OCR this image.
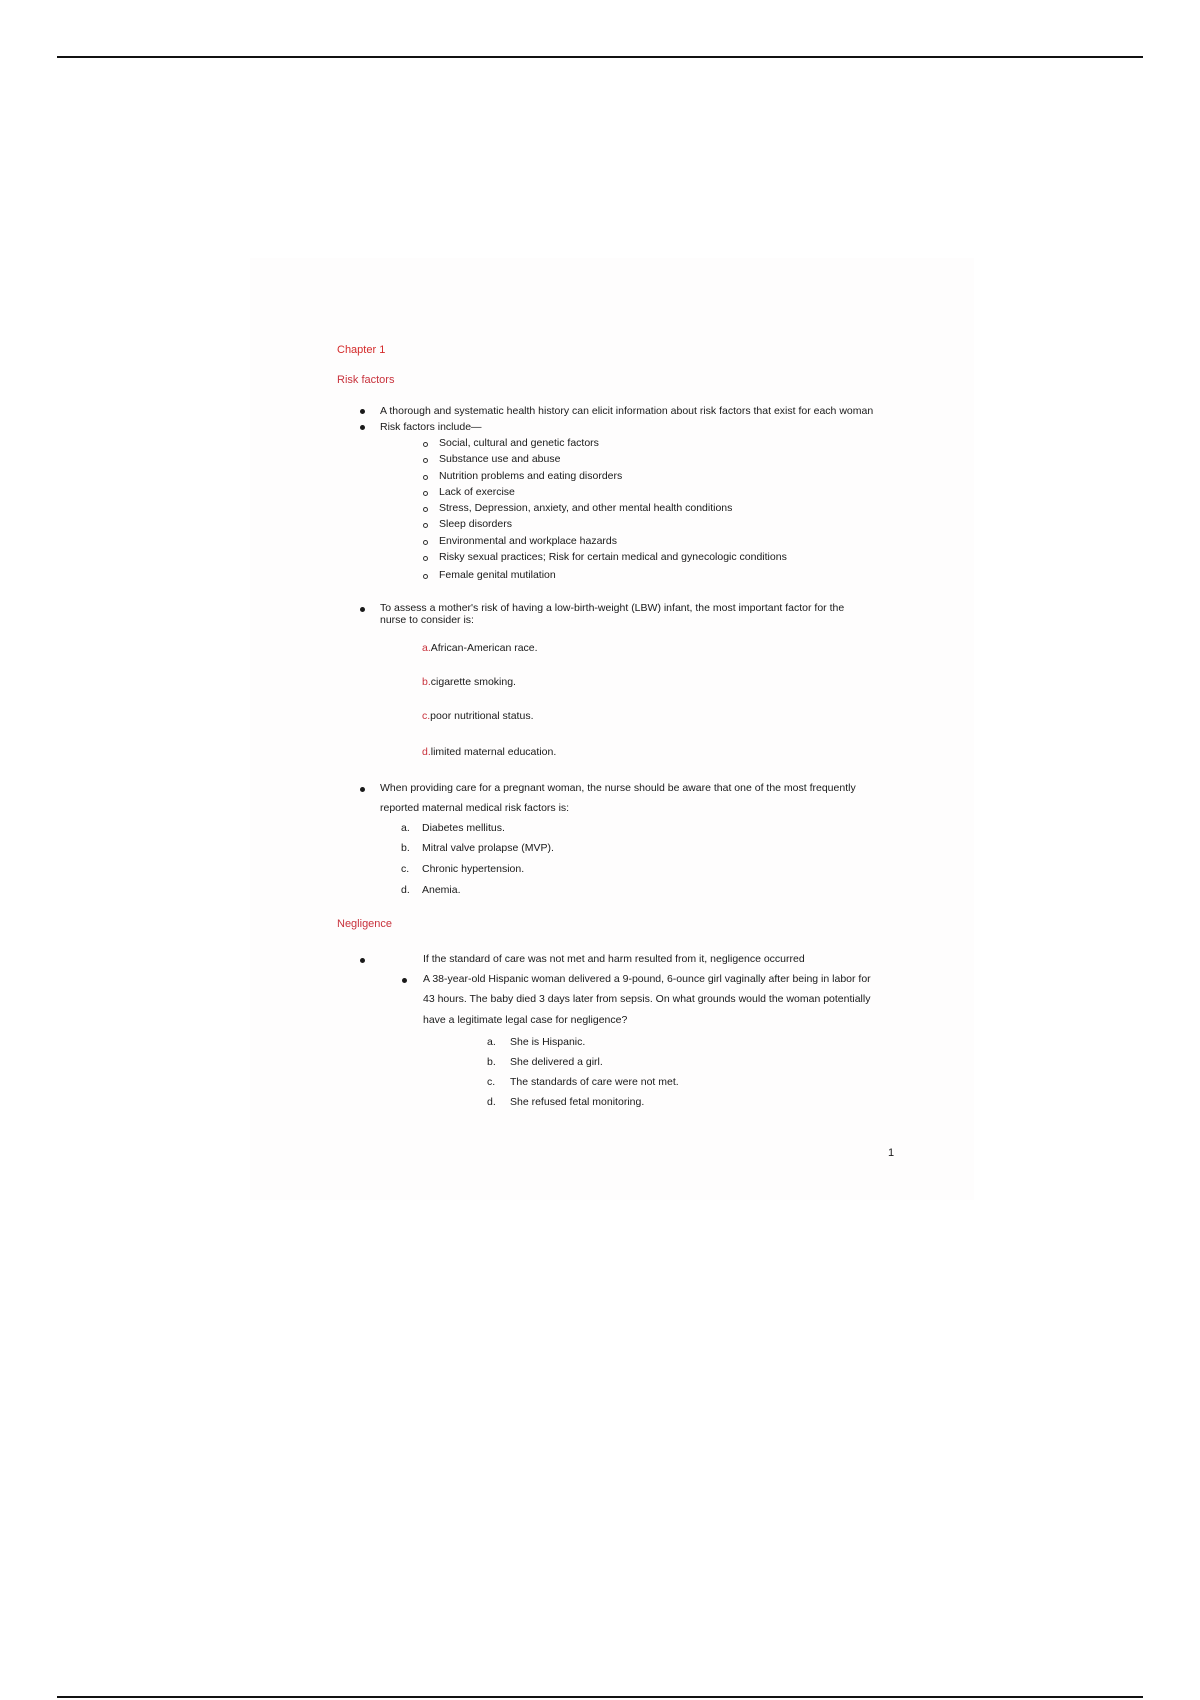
Chapter 1
Risk factors
A thorough and systematic health history can elicit information about risk factors that exist for each woman
Risk factors include—
Social, cultural and genetic factors
Substance use and abuse
Nutrition problems and eating disorders
Lack of exercise
Stress, Depression, anxiety, and other mental health conditions
Sleep disorders
Environmental and workplace hazards
Risky sexual practices; Risk for certain medical and gynecologic conditions
Female genital mutilation
To assess a mother's risk of having a low-birth-weight (LBW) infant, the most important factor for the
nurse to consider is:
a.African-American race.
b.cigarette smoking.
c.poor nutritional status.
d.limited maternal education.
When providing care for a pregnant woman, the nurse should be aware that one of the most frequently
reported maternal medical risk factors is:
a. Diabetes mellitus.
b. Mitral valve prolapse (MVP).
c. Chronic hypertension.
d. Anemia.
Negligence
If the standard of care was not met and harm resulted from it, negligence occurred
A 38-year-old Hispanic woman delivered a 9-pound, 6-ounce girl vaginally after being in labor for
43 hours. The baby died 3 days later from sepsis. On what grounds would the woman potentially
have a legitimate legal case for negligence?
a. She is Hispanic.
b. She delivered a girl.
c. The standards of care were not met.
d. She refused fetal monitoring.
1
